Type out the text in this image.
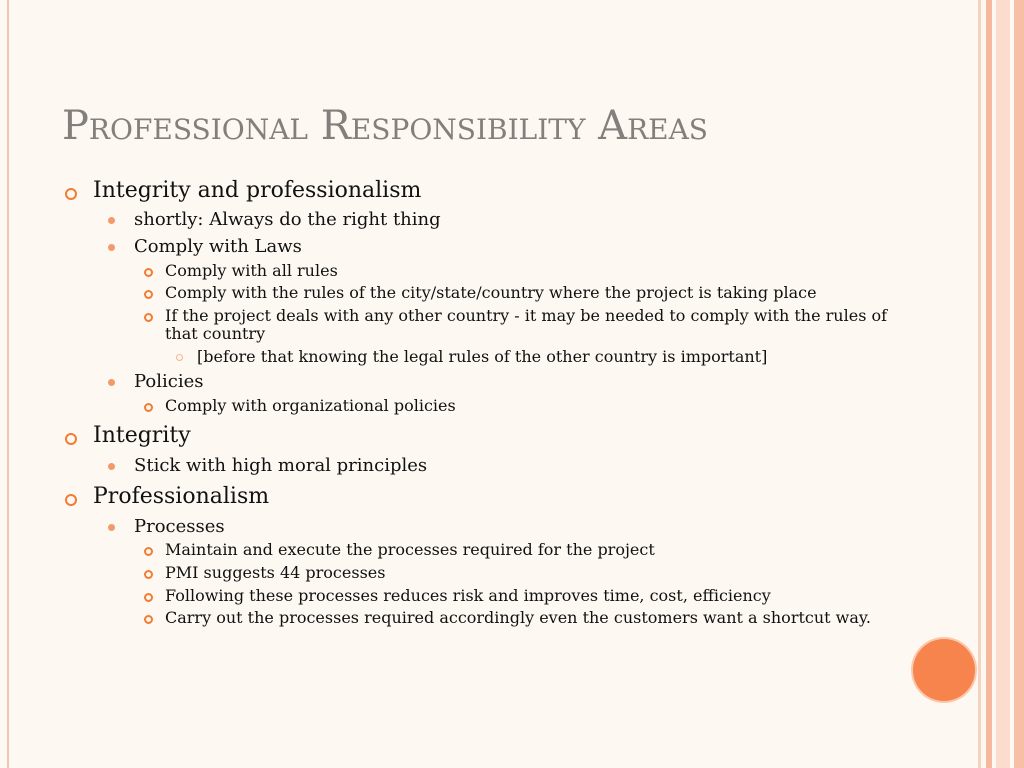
Professional Responsibility Areas
Integrity and professionalism
shortly: Always do the right thing
Comply with Laws
Comply with all rules
Comply with the rules of the city/state/country where the project is taking place
If the project deals with any other country - it may be needed to comply with the rules of that country
[before that knowing the legal rules of the other country is important]
Policies
Comply with organizational policies
Integrity
Stick with high moral principles
Professionalism
Processes
Maintain and execute the processes required for the project
PMI suggests 44 processes
Following these processes reduces risk and improves time, cost, efficiency
Carry out the processes required accordingly even the customers want a shortcut way.
